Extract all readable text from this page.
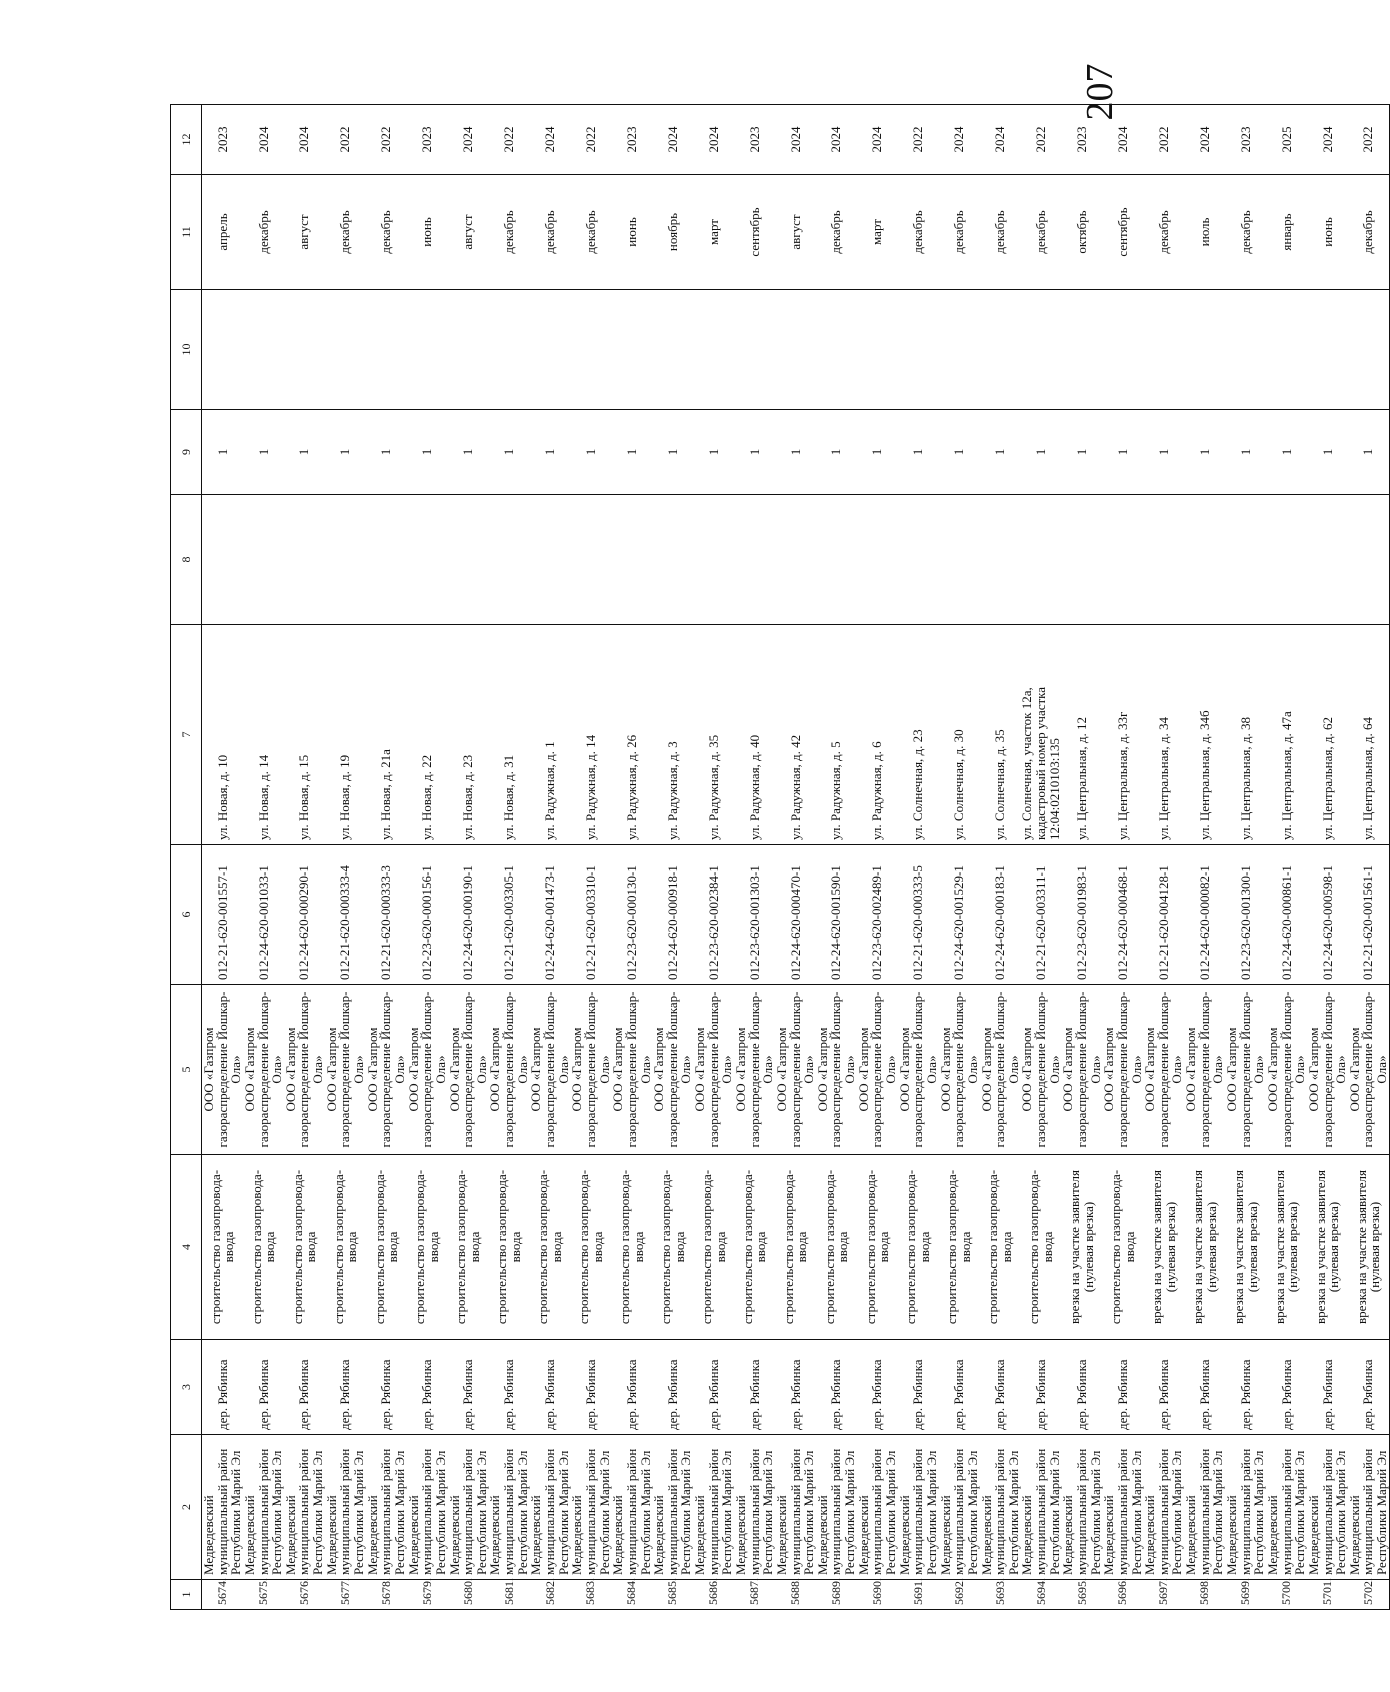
207
1	2	3	4	5	6	7	8	9	10	11	12
5674.	Медведевский муниципальный район Республики Марий Эл	дер. Рябинка	строительство газопровода-ввода	ООО «Газпром газораспределение Йошкар-Ола»	012-21-620-001557-1	ул. Новая, д. 10		1		апрель	2023
5675.	Медведевский муниципальный район Республики Марий Эл	дер. Рябинка	строительство газопровода-ввода	ООО «Газпром газораспределение Йошкар-Ола»	012-24-620-001033-1	ул. Новая, д. 14		1		декабрь	2024
5676.	Медведевский муниципальный район Республики Марий Эл	дер. Рябинка	строительство газопровода-ввода	ООО «Газпром газораспределение Йошкар-Ола»	012-24-620-000290-1	ул. Новая, д. 15		1		август	2024
5677.	Медведевский муниципальный район Республики Марий Эл	дер. Рябинка	строительство газопровода-ввода	ООО «Газпром газораспределение Йошкар-Ола»	012-21-620-000333-4	ул. Новая, д. 19		1		декабрь	2022
5678.	Медведевский муниципальный район Республики Марий Эл	дер. Рябинка	строительство газопровода-ввода	ООО «Газпром газораспределение Йошкар-Ола»	012-21-620-000333-3	ул. Новая, д. 21а		1		декабрь	2022
5679.	Медведевский муниципальный район Республики Марий Эл	дер. Рябинка	строительство газопровода-ввода	ООО «Газпром газораспределение Йошкар-Ола»	012-23-620-000156-1	ул. Новая, д. 22		1		июнь	2023
5680.	Медведевский муниципальный район Республики Марий Эл	дер. Рябинка	строительство газопровода-ввода	ООО «Газпром газораспределение Йошкар-Ола»	012-24-620-000190-1	ул. Новая, д. 23		1		август	2024
5681.	Медведевский муниципальный район Республики Марий Эл	дер. Рябинка	строительство газопровода-ввода	ООО «Газпром газораспределение Йошкар-Ола»	012-21-620-003305-1	ул. Новая, д. 31		1		декабрь	2022
5682.	Медведевский муниципальный район Республики Марий Эл	дер. Рябинка	строительство газопровода-ввода	ООО «Газпром газораспределение Йошкар-Ола»	012-24-620-001473-1	ул. Радужная, д. 1		1		декабрь	2024
5683.	Медведевский муниципальный район Республики Марий Эл	дер. Рябинка	строительство газопровода-ввода	ООО «Газпром газораспределение Йошкар-Ола»	012-21-620-003310-1	ул. Радужная, д. 14		1		декабрь	2022
5684.	Медведевский муниципальный район Республики Марий Эл	дер. Рябинка	строительство газопровода-ввода	ООО «Газпром газораспределение Йошкар-Ола»	012-23-620-000130-1	ул. Радужная, д. 26		1		июнь	2023
5685.	Медведевский муниципальный район Республики Марий Эл	дер. Рябинка	строительство газопровода-ввода	ООО «Газпром газораспределение Йошкар-Ола»	012-24-620-000918-1	ул. Радужная, д. 3		1		ноябрь	2024
5686.	Медведевский муниципальный район Республики Марий Эл	дер. Рябинка	строительство газопровода-ввода	ООО «Газпром газораспределение Йошкар-Ола»	012-23-620-002384-1	ул. Радужная, д. 35		1		март	2024
5687.	Медведевский муниципальный район Республики Марий Эл	дер. Рябинка	строительство газопровода-ввода	ООО «Газпром газораспределение Йошкар-Ола»	012-23-620-001303-1	ул. Радужная, д. 40		1		сентябрь	2023
5688.	Медведевский муниципальный район Республики Марий Эл	дер. Рябинка	строительство газопровода-ввода	ООО «Газпром газораспределение Йошкар-Ола»	012-24-620-000470-1	ул. Радужная, д. 42		1		август	2024
5689.	Медведевский муниципальный район Республики Марий Эл	дер. Рябинка	строительство газопровода-ввода	ООО «Газпром газораспределение Йошкар-Ола»	012-24-620-001590-1	ул. Радужная, д. 5		1		декабрь	2024
5690.	Медведевский муниципальный район Республики Марий Эл	дер. Рябинка	строительство газопровода-ввода	ООО «Газпром газораспределение Йошкар-Ола»	012-23-620-002489-1	ул. Радужная, д. 6		1		март	2024
5691.	Медведевский муниципальный район Республики Марий Эл	дер. Рябинка	строительство газопровода-ввода	ООО «Газпром газораспределение Йошкар-Ола»	012-21-620-000333-5	ул. Солнечная, д. 23		1		декабрь	2022
5692.	Медведевский муниципальный район Республики Марий Эл	дер. Рябинка	строительство газопровода-ввода	ООО «Газпром газораспределение Йошкар-Ола»	012-24-620-001529-1	ул. Солнечная, д. 30		1		декабрь	2024
5693.	Медведевский муниципальный район Республики Марий Эл	дер. Рябинка	строительство газопровода-ввода	ООО «Газпром газораспределение Йошкар-Ола»	012-24-620-000183-1	ул. Солнечная, д. 35		1		декабрь	2024
5694.	Медведевский муниципальный район Республики Марий Эл	дер. Рябинка	строительство газопровода-ввода	ООО «Газпром газораспределение Йошкар-Ола»	012-21-620-003311-1	ул. Солнечная, участок 12а, кадастровый номер участка 12:04:0210103:135		1		декабрь	2022
5695.	Медведевский муниципальный район Республики Марий Эл	дер. Рябинка	врезка на участке заявителя (нулевая врезка)	ООО «Газпром газораспределение Йошкар-Ола»	012-23-620-001983-1	ул. Центральная, д. 12		1		октябрь	2023
5696.	Медведевский муниципальный район Республики Марий Эл	дер. Рябинка	строительство газопровода-ввода	ООО «Газпром газораспределение Йошкар-Ола»	012-24-620-000468-1	ул. Центральная, д. 33г		1		сентябрь	2024
5697.	Медведевский муниципальный район Республики Марий Эл	дер. Рябинка	врезка на участке заявителя (нулевая врезка)	ООО «Газпром газораспределение Йошкар-Ола»	012-21-620-004128-1	ул. Центральная, д. 34		1		декабрь	2022
5698.	Медведевский муниципальный район Республики Марий Эл	дер. Рябинка	врезка на участке заявителя (нулевая врезка)	ООО «Газпром газораспределение Йошкар-Ола»	012-24-620-000082-1	ул. Центральная, д. 34б		1		июль	2024
5699.	Медведевский муниципальный район Республики Марий Эл	дер. Рябинка	врезка на участке заявителя (нулевая врезка)	ООО «Газпром газораспределение Йошкар-Ола»	012-23-620-001300-1	ул. Центральная, д. 38		1		декабрь	2023
5700.	Медведевский муниципальный район Республики Марий Эл	дер. Рябинка	врезка на участке заявителя (нулевая врезка)	ООО «Газпром газораспределение Йошкар-Ола»	012-24-620-000861-1	ул. Центральная, д. 47а		1		январь	2025
5701.	Медведевский муниципальный район Республики Марий Эл	дер. Рябинка	врезка на участке заявителя (нулевая врезка)	ООО «Газпром газораспределение Йошкар-Ола»	012-24-620-000598-1	ул. Центральная, д. 62		1		июнь	2024
5702.	Медведевский муниципальный район Республики Марий Эл	дер. Рябинка	врезка на участке заявителя (нулевая врезка)	ООО «Газпром газораспределение Йошкар-Ола»	012-21-620-001561-1	ул. Центральная, д. 64		1		декабрь	2022
